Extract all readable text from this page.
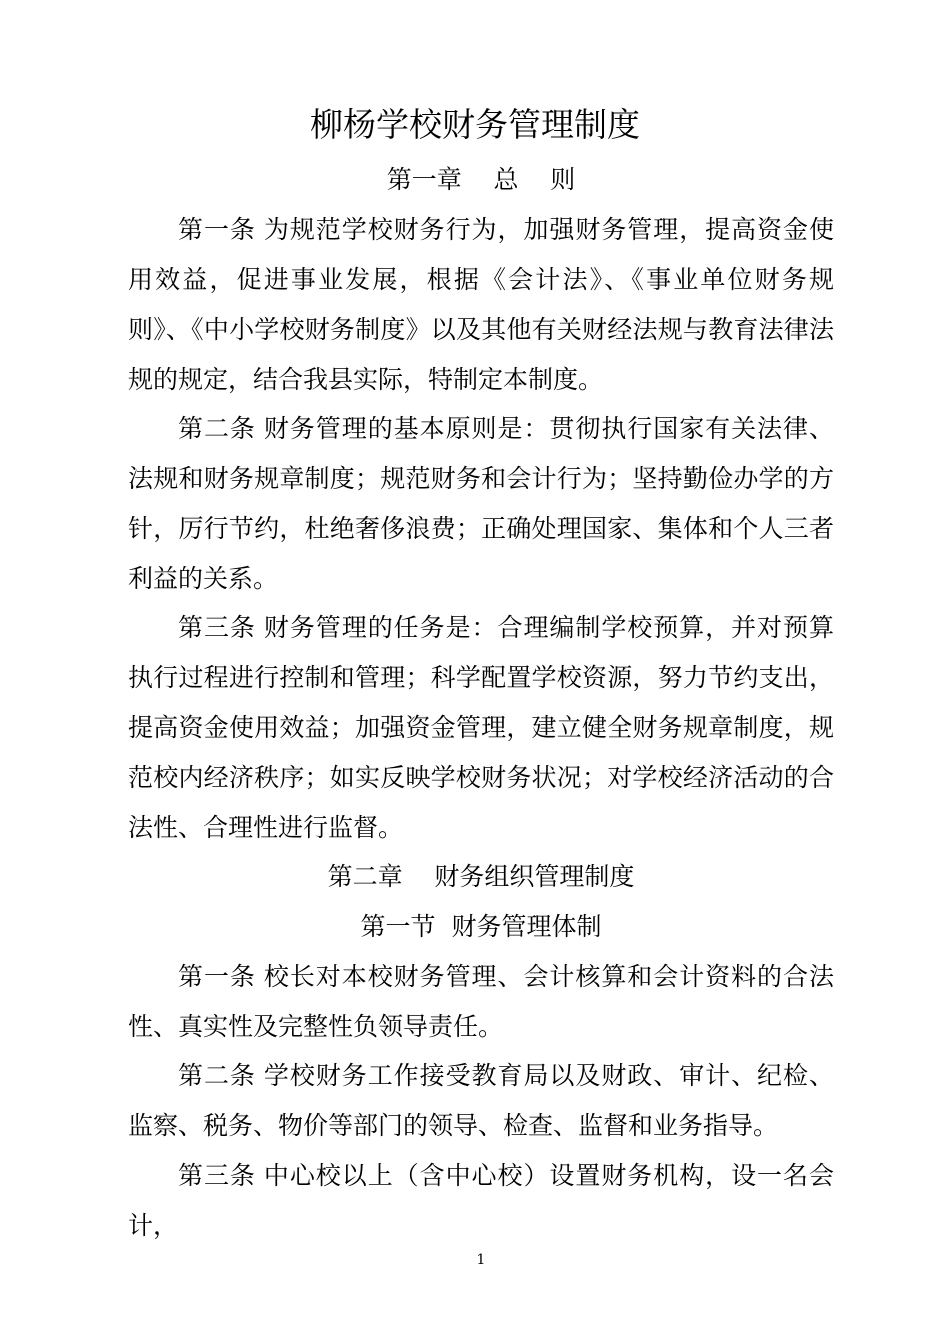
柳杨学校财务管理制度
第一章    总    则

第一条 为规范学校财务行为，加强财务管理，提高资金使用效益，促进事业发展，根据《会计法》、《事业单位财务规则》、《中小学校财务制度》以及其他有关财经法规与教育法律法规的规定，结合我县实际，特制定本制度。

第二条 财务管理的基本原则是：贯彻执行国家有关法律、法规和财务规章制度；规范财务和会计行为；坚持勤俭办学的方针，厉行节约，杜绝奢侈浪费；正确处理国家、集体和个人三者利益的关系。

第三条 财务管理的任务是：合理编制学校预算，并对预算执行过程进行控制和管理；科学配置学校资源，努力节约支出，提高资金使用效益；加强资金管理，建立健全财务规章制度，规范校内经济秩序；如实反映学校财务状况；对学校经济活动的合法性、合理性进行监督。

第二章    财务组织管理制度
第一节  财务管理体制

第一条 校长对本校财务管理、会计核算和会计资料的合法性、真实性及完整性负领导责任。

第二条 学校财务工作接受教育局以及财政、审计、纪检、监察、税务、物价等部门的领导、检查、监督和业务指导。

第三条 中心校以上（含中心校）设置财务机构，设一名会计，

1
